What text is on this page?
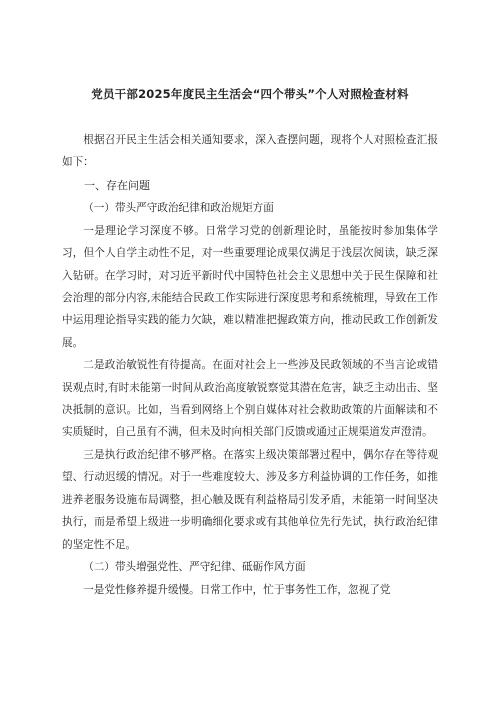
党员干部2025年度民主生活会“四个带头”个人对照检查材料

根据召开民主生活会相关通知要求，深入查摆问题，现将个人对照检查汇报如下：

一、存在问题

（一）带头严守政治纪律和政治规矩方面

一是理论学习深度不够。日常学习党的创新理论时，虽能按时参加集体学习，但个人自学主动性不足，对一些重要理论成果仅满足于浅层次阅读，缺乏深入钻研。在学习时，对习近平新时代中国特色社会主义思想中关于民生保障和社会治理的部分内容,未能结合民政工作实际进行深度思考和系统梳理，导致在工作中运用理论指导实践的能力欠缺，难以精准把握政策方向，推动民政工作创新发展。

二是政治敏锐性有待提高。在面对社会上一些涉及民政领域的不当言论或错误观点时,有时未能第一时间从政治高度敏锐察觉其潜在危害，缺乏主动出击、坚决抵制的意识。比如，当看到网络上个别自媒体对社会救助政策的片面解读和不实质疑时，自己虽有不满，但未及时向相关部门反馈或通过正规渠道发声澄清。

三是执行政治纪律不够严格。在落实上级决策部署过程中，偶尔存在等待观望、行动迟缓的情况。对于一些难度较大、涉及多方利益协调的工作任务，如推进养老服务设施布局调整，担心触及既有利益格局引发矛盾，未能第一时间坚决执行，而是希望上级进一步明确细化要求或有其他单位先行先试，执行政治纪律的坚定性不足。

（二）带头增强党性、严守纪律、砥砺作风方面

一是党性修养提升缓慢。日常工作中，忙于事务性工作，忽视了党
